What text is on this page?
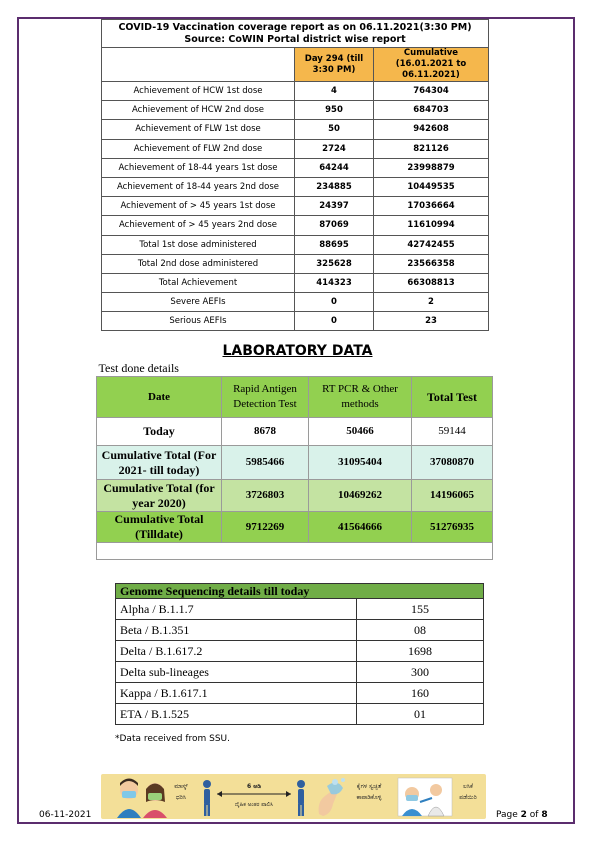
COVID-19 Vaccination coverage report as on 06.11.2021(3:30 PM)
Source: CoWIN Portal district wise report		

	Day 294 (till 3:30 PM)	Cumulative (16.01.2021 to 06.11.2021)
Achievement of HCW 1st dose	4	764304
Achievement of HCW 2nd dose	950	684703
Achievement of FLW 1st dose	50	942608
Achievement of FLW 2nd dose	2724	821126
Achievement of 18-44 years 1st dose	64244	23998879
Achievement of 18-44 years 2nd dose	234885	10449535
Achievement of > 45 years 1st dose	24397	17036664
Achievement of > 45 years 2nd dose	87069	11610994
Total 1st dose administered	88695	42742455
Total 2nd dose administered	325628	23566358
Total Achievement	414323	66308813
Severe AEFIs	0	2
Serious AEFIs	0	23
LABORATORY DATA
Test done details			
Date	Rapid Antigen Detection Test	RT PCR & Other methods	Total Test
Today	8678	50466	59144
Cumulative Total (For 2021- till today)	5985466	31095404	37080870
Cumulative Total (for year 2020)	3726803	10469262	14196065
Cumulative Total (Tilldate)	9712269	41564666	51276935

Genome Sequencing details till today	
Alpha / B.1.1.7	155
Beta / B.1.351	08
Delta / B.1.617.2	1698
Delta sub-lineages	300
Kappa / B.1.617.1	160
ETA / B.1.525	01
*Data received from SSU.
ಮಾಸ್ಕ್
ಧರಿಸಿ
6 ಅಡಿ
ದೈಹಿಕ ಅಂತರ ಪಾಲಿಸಿ
ಕೈಗಳ ಸ್ವಚ್ಛತೆ
ಕಾಪಾಡಿಕೊಳ್ಳಿ
ಲಸಿಕೆ
ಪಡೆಯಿರಿ
06-11-2021	Page 2 of 8
